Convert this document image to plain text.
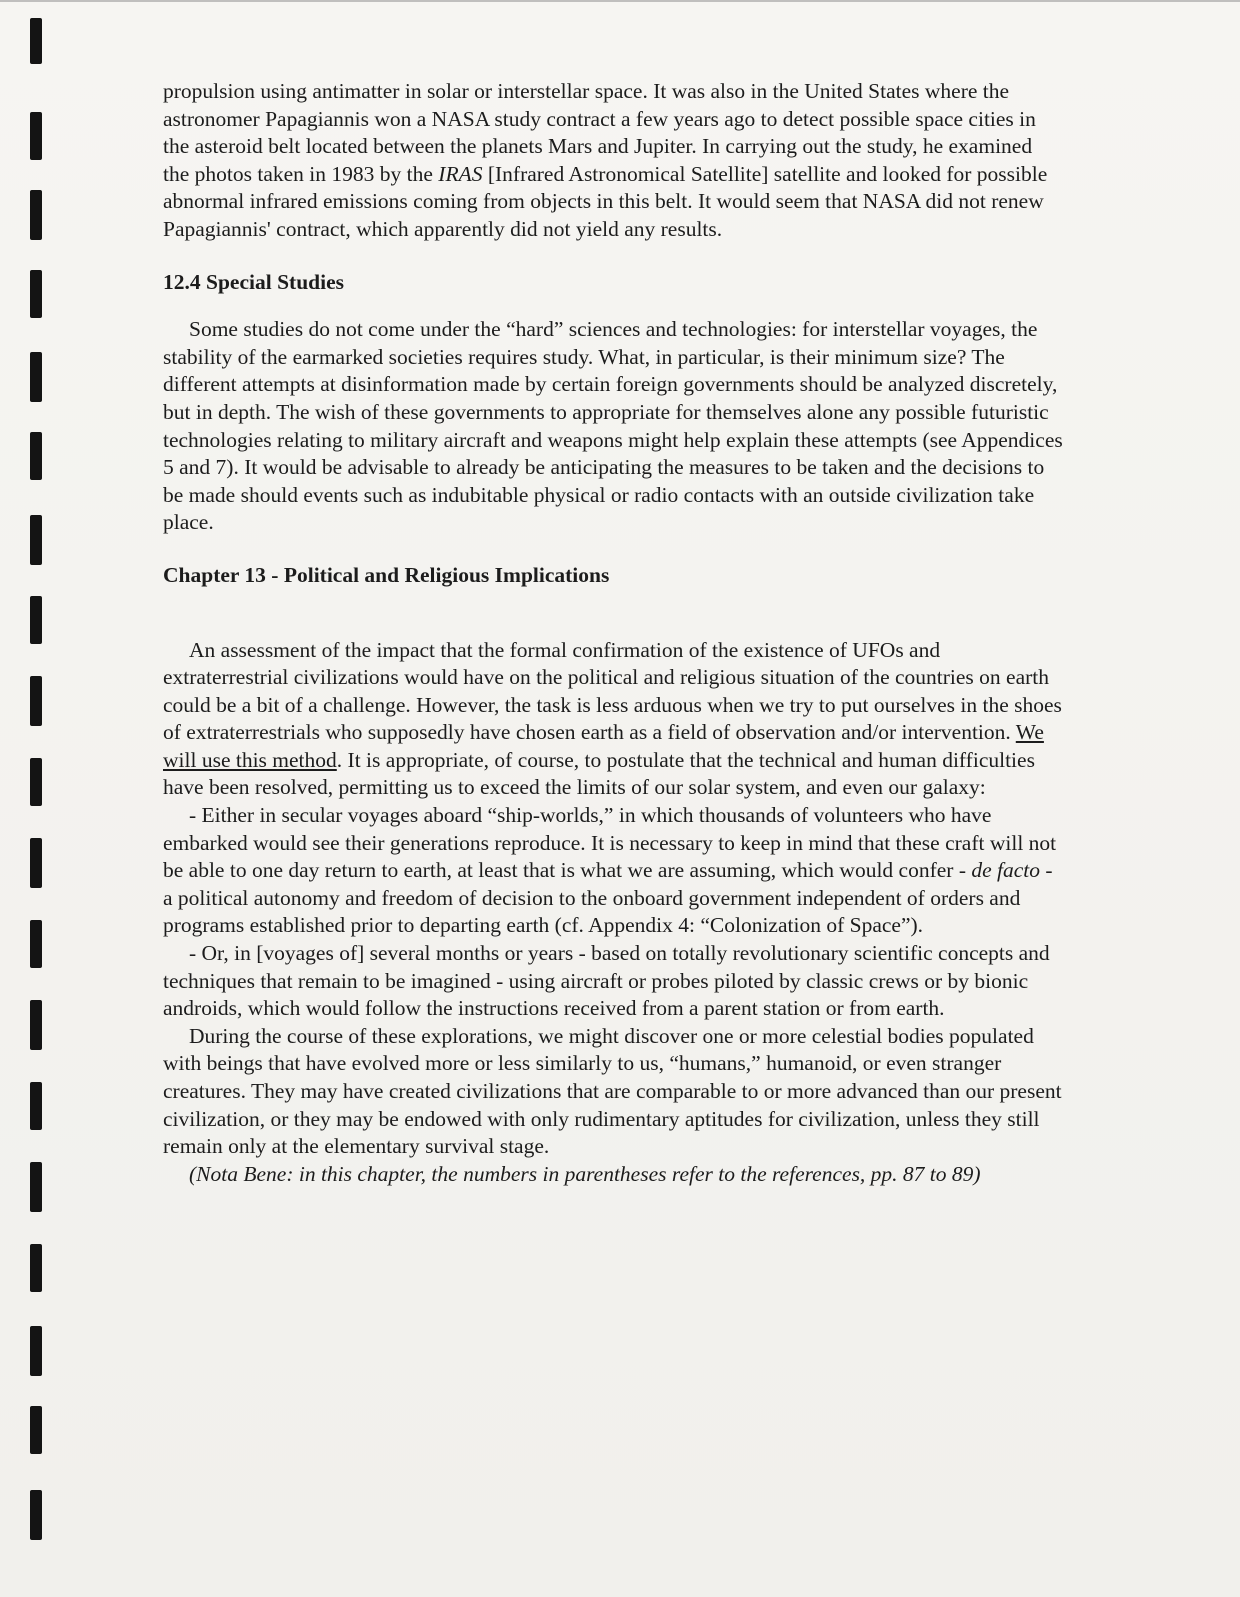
propulsion using antimatter in solar or interstellar space. It was also in the United States where the astronomer Papagiannis won a NASA study contract a few years ago to detect possible space cities in the asteroid belt located between the planets Mars and Jupiter. In carrying out the study, he examined the photos taken in 1983 by the IRAS [Infrared Astronomical Satellite] satellite and looked for possible abnormal infrared emissions coming from objects in this belt. It would seem that NASA did not renew Papagiannis' contract, which apparently did not yield any results.

12.4 Special Studies

Some studies do not come under the “hard” sciences and technologies: for interstellar voyages, the stability of the earmarked societies requires study. What, in particular, is their minimum size? The different attempts at disinformation made by certain foreign governments should be analyzed discretely, but in depth. The wish of these governments to appropriate for themselves alone any possible futuristic technologies relating to military aircraft and weapons might help explain these attempts (see Appendices 5 and 7). It would be advisable to already be anticipating the measures to be taken and the decisions to be made should events such as indubitable physical or radio contacts with an outside civilization take place.

Chapter 13 - Political and Religious Implications

An assessment of the impact that the formal confirmation of the existence of UFOs and extraterrestrial civilizations would have on the political and religious situation of the countries on earth could be a bit of a challenge. However, the task is less arduous when we try to put ourselves in the shoes of extraterrestrials who supposedly have chosen earth as a field of observation and/or intervention. We will use this method. It is appropriate, of course, to postulate that the technical and human difficulties have been resolved, permitting us to exceed the limits of our solar system, and even our galaxy:

- Either in secular voyages aboard “ship-worlds,” in which thousands of volunteers who have embarked would see their generations reproduce. It is necessary to keep in mind that these craft will not be able to one day return to earth, at least that is what we are assuming, which would confer - de facto - a political autonomy and freedom of decision to the onboard government independent of orders and programs established prior to departing earth (cf. Appendix 4: “Colonization of Space”).

- Or, in [voyages of] several months or years - based on totally revolutionary scientific concepts and techniques that remain to be imagined - using aircraft or probes piloted by classic crews or by bionic androids, which would follow the instructions received from a parent station or from earth.

During the course of these explorations, we might discover one or more celestial bodies populated with beings that have evolved more or less similarly to us, “humans,” humanoid, or even stranger creatures. They may have created civilizations that are comparable to or more advanced than our present civilization, or they may be endowed with only rudimentary aptitudes for civilization, unless they still remain only at the elementary survival stage.

(Nota Bene: in this chapter, the numbers in parentheses refer to the references, pp. 87 to 89)
